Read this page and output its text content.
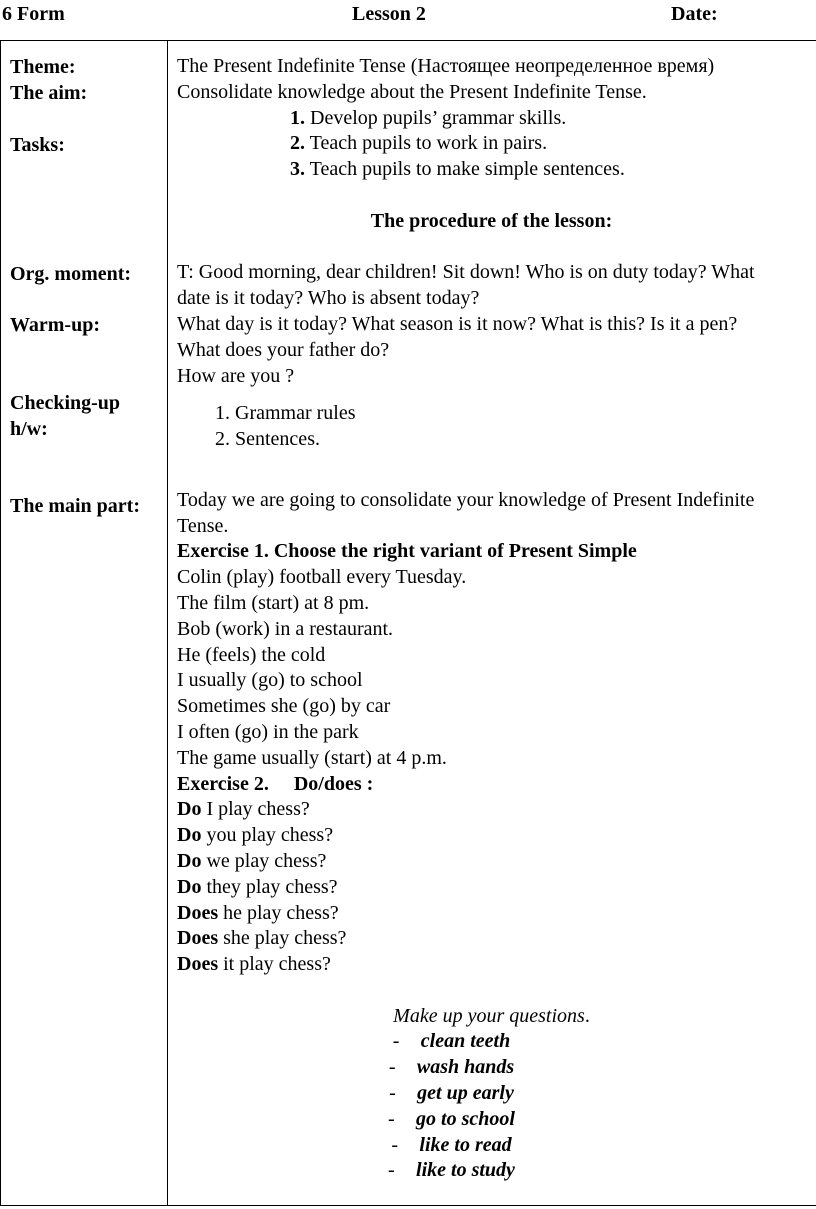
6 Form	Lesson 2	Date:
Theme:
The aim:
Tasks:
Org. moment:
Warm-up:
Checking-up
h/w:
The main part:
The Present Indefinite Tense (Настоящее неопределенное время)
Consolidate knowledge about the Present Indefinite Tense.
1. Develop pupils’ grammar skills.
2. Teach pupils to work in pairs.
3. Teach pupils to make simple sentences.
The procedure of the lesson:
T: Good morning, dear children! Sit down! Who is on duty today? What
date is it today? Who is absent today?
What day is it today? What season is it now? What is this? Is it a pen?
What does your father do?
How are you ?
1. Grammar rules
2. Sentences.
Today we are going to consolidate your knowledge of Present Indefinite
Tense.
Exercise 1. Choose the right variant of Present Simple
Colin (play) football every Tuesday.
The film (start) at 8 pm.
Bob (work) in a restaurant.
He (feels) the cold
I usually (go) to school
Sometimes she (go) by car
I often (go) in the park
The game usually (start) at 4 p.m.
Exercise 2.     Do/does :
Do I play chess?
Do you play chess?
Do we play chess?
Do they play chess?
Does he play chess?
Does she play chess?
Does it play chess?
Make up your questions.
- clean teeth
- wash hands
- get up early
- go to school
- like to read
- like to study
